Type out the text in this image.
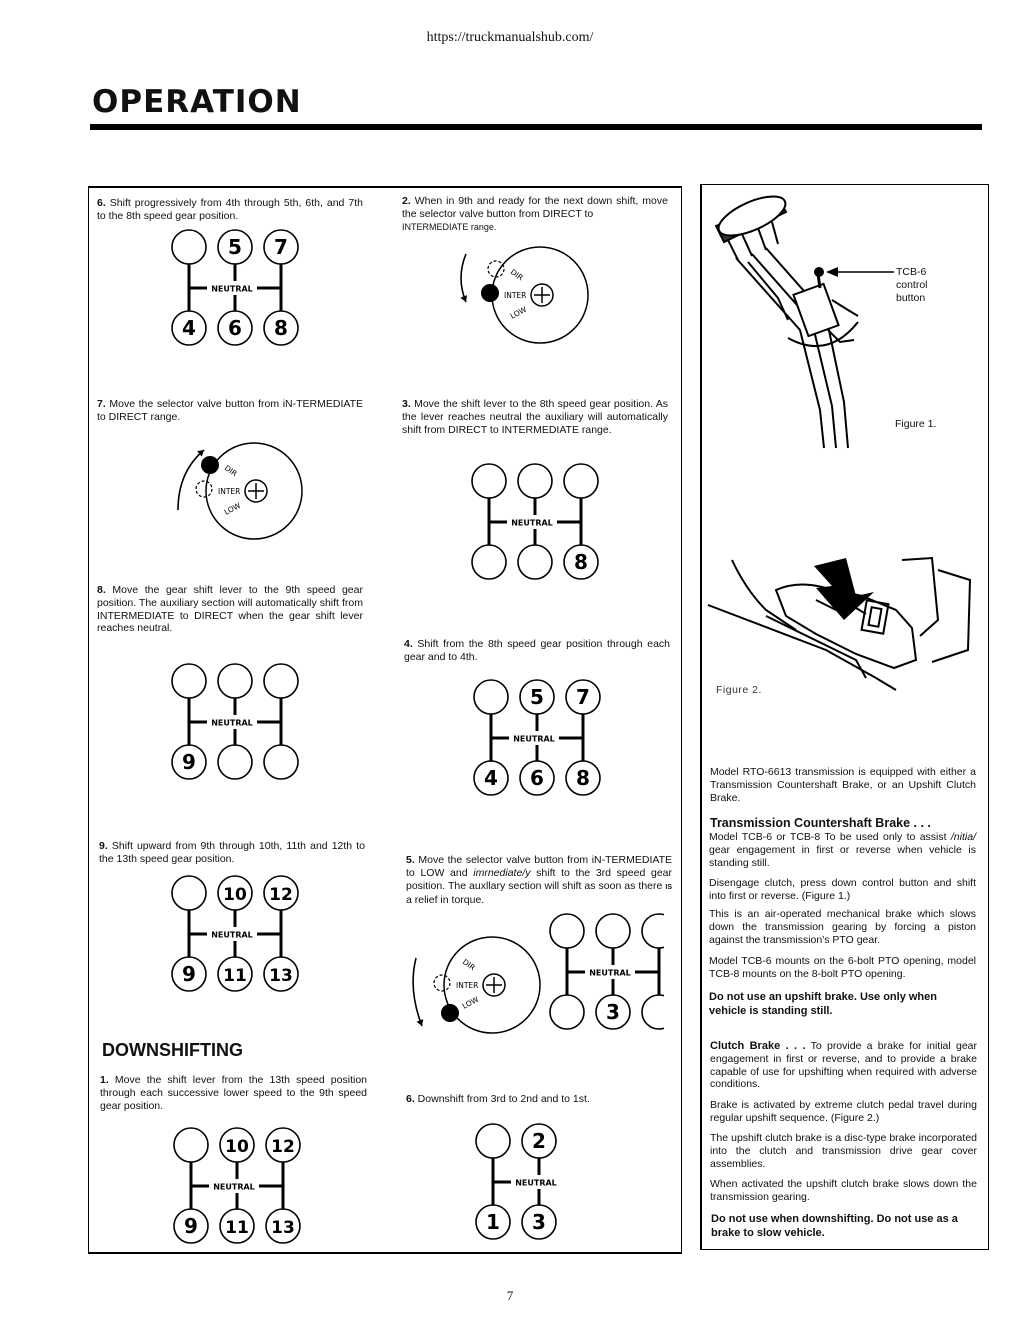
https://truckmanualshub.com/
OPERATION
6. Shift progressively from 4th through 5th, 6th, and 7th to the 8th speed gear position.
NEUTRAL
5 7
4 6 8
7. Move the selector valve button from iN-TERMEDIATE to DIRECT range.
DIR
INTER
LOW
8. Move the gear shift lever to the 9th speed gear position. The auxiliary section will automatically shift from INTERMEDIATE to DIRECT when the gear shift lever reaches neutral.
NEUTRAL
9
9. Shift upward from 9th through 10th, 11th and 12th to the 13th speed gear position.
NEUTRAL
10 12
9 11 13
DOWNSHIFTING
1. Move the shift lever from the 13th speed position through each successive lower speed to the 9th speed gear position.
NEUTRAL
10 12
9 11 13
2. When in 9th and ready for the next down shift, move the selector valve button from DIRECT to
INTERMEDIATE range.
DIR
INTER
LOW
3. Move the shift lever to the 8th speed gear position. As the lever reaches neutral the auxiliary will automatically shift from DIRECT to INTERMEDIATE range.
NEUTRAL
8
4. Shift from the 8th speed gear position through each gear and to 4th.
NEUTRAL
5 7
4 6 8
5. Move the selector valve button from iN-TERMEDIATE to LOW and imrnediate/y shift to the 3rd speed gear position. The auxllary section will shift as soon as there IS a relief in torque.
DIR
INTER
LOW
NEUTRAL
3
6. Downshift from 3rd to 2nd and to 1st.
NEUTRAL
2
1 3
TCB-6 control button
Figure 1.
Figure 2.
Model RTO-6613 transmission is equipped with either a Transmission Countershaft Brake, or an Upshift Clutch Brake.
Transmission Countershaft Brake . . .
Model TCB-6 or TCB-8 To be used only to assist /nitia/ gear engagement in first or reverse when vehicle is standing still.
Disengage clutch, press down control button and shift into first or reverse. (Figure 1.)
This is an air-operated mechanical brake which slows down the transmission gearing by forcing a piston against the transmission's PTO gear.
Model TCB-6 mounts on the 6-bolt PTO opening, model TCB-8 mounts on the 8-bolt PTO opening.
Do not use an upshift brake. Use only when vehicle is standing still.
Clutch Brake . . . To provide a brake for initial gear engagement in first or reverse, and to provide a brake capable of use for upshifting when required with adverse conditions.
Brake is activated by extreme clutch pedal travel during regular upshift sequence. (Figure 2.)
The upshift clutch brake is a disc-type brake incorporated into the clutch and transmission drive gear cover assemblies.
When activated the upshift clutch brake slows down the transmission gearing.
Do not use when downshifting. Do not use as a brake to slow vehicle.
7
